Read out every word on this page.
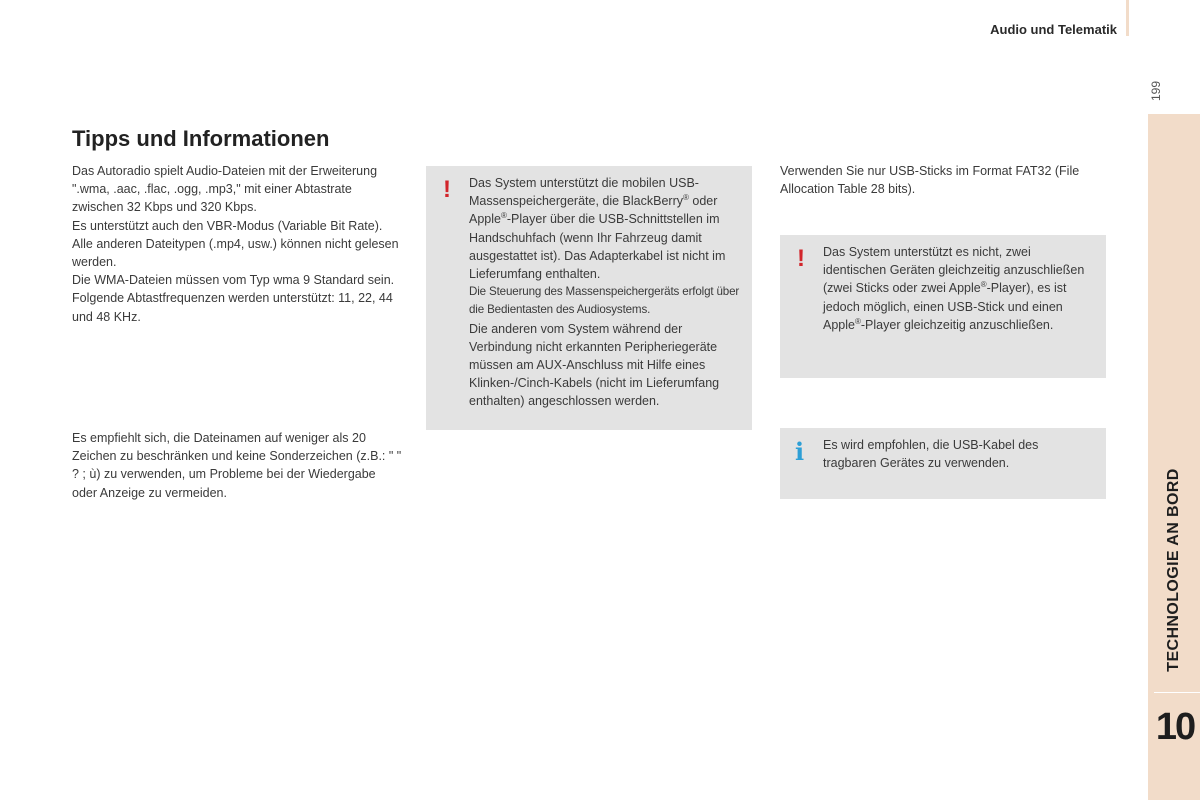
Audio und Telematik
199
TECHNOLOGIE AN BORD
10
Tipps und Informationen
Das Autoradio spielt Audio-Dateien mit der Erweiterung ".wma, .aac, .flac, .ogg, .mp3," mit einer Abtastrate zwischen 32 Kbps und 320 Kbps.
Es unterstützt auch den VBR-Modus (Variable Bit Rate).
Alle anderen Dateitypen (.mp4, usw.) können nicht gelesen werden.
Die WMA-Dateien müssen vom Typ wma 9 Standard sein.
Folgende Abtastfrequenzen werden unterstützt: 11, 22, 44 und 48 KHz.
Es empfiehlt sich, die Dateinamen auf weniger als 20 Zeichen zu beschränken und keine Sonderzeichen (z.B.: " " ? ; ù) zu verwenden, um Probleme bei der Wiedergabe oder Anzeige zu vermeiden.
! Das System unterstützt die mobilen USB-Massenspeichergeräte, die BlackBerry® oder Apple®-Player über die USB-Schnittstellen im Handschuhfach (wenn Ihr Fahrzeug damit ausgestattet ist). Das Adapterkabel ist nicht im Lieferumfang enthalten.
Die Steuerung des Massenspeichergeräts erfolgt über die Bedientasten des Audiosystems.
Die anderen vom System während der Verbindung nicht erkannten Peripheriegeräte müssen am AUX-Anschluss mit Hilfe eines Klinken-/Cinch-Kabels (nicht im Lieferumfang enthalten) angeschlossen werden.
Verwenden Sie nur USB-Sticks im Format FAT32 (File Allocation Table 28 bits).
! Das System unterstützt es nicht, zwei identischen Geräten gleichzeitig anzuschließen (zwei Sticks oder zwei Apple®-Player), es ist jedoch möglich, einen USB-Stick und einen Apple®-Player gleichzeitig anzuschließen.
i Es wird empfohlen, die USB-Kabel des tragbaren Gerätes zu verwenden.
